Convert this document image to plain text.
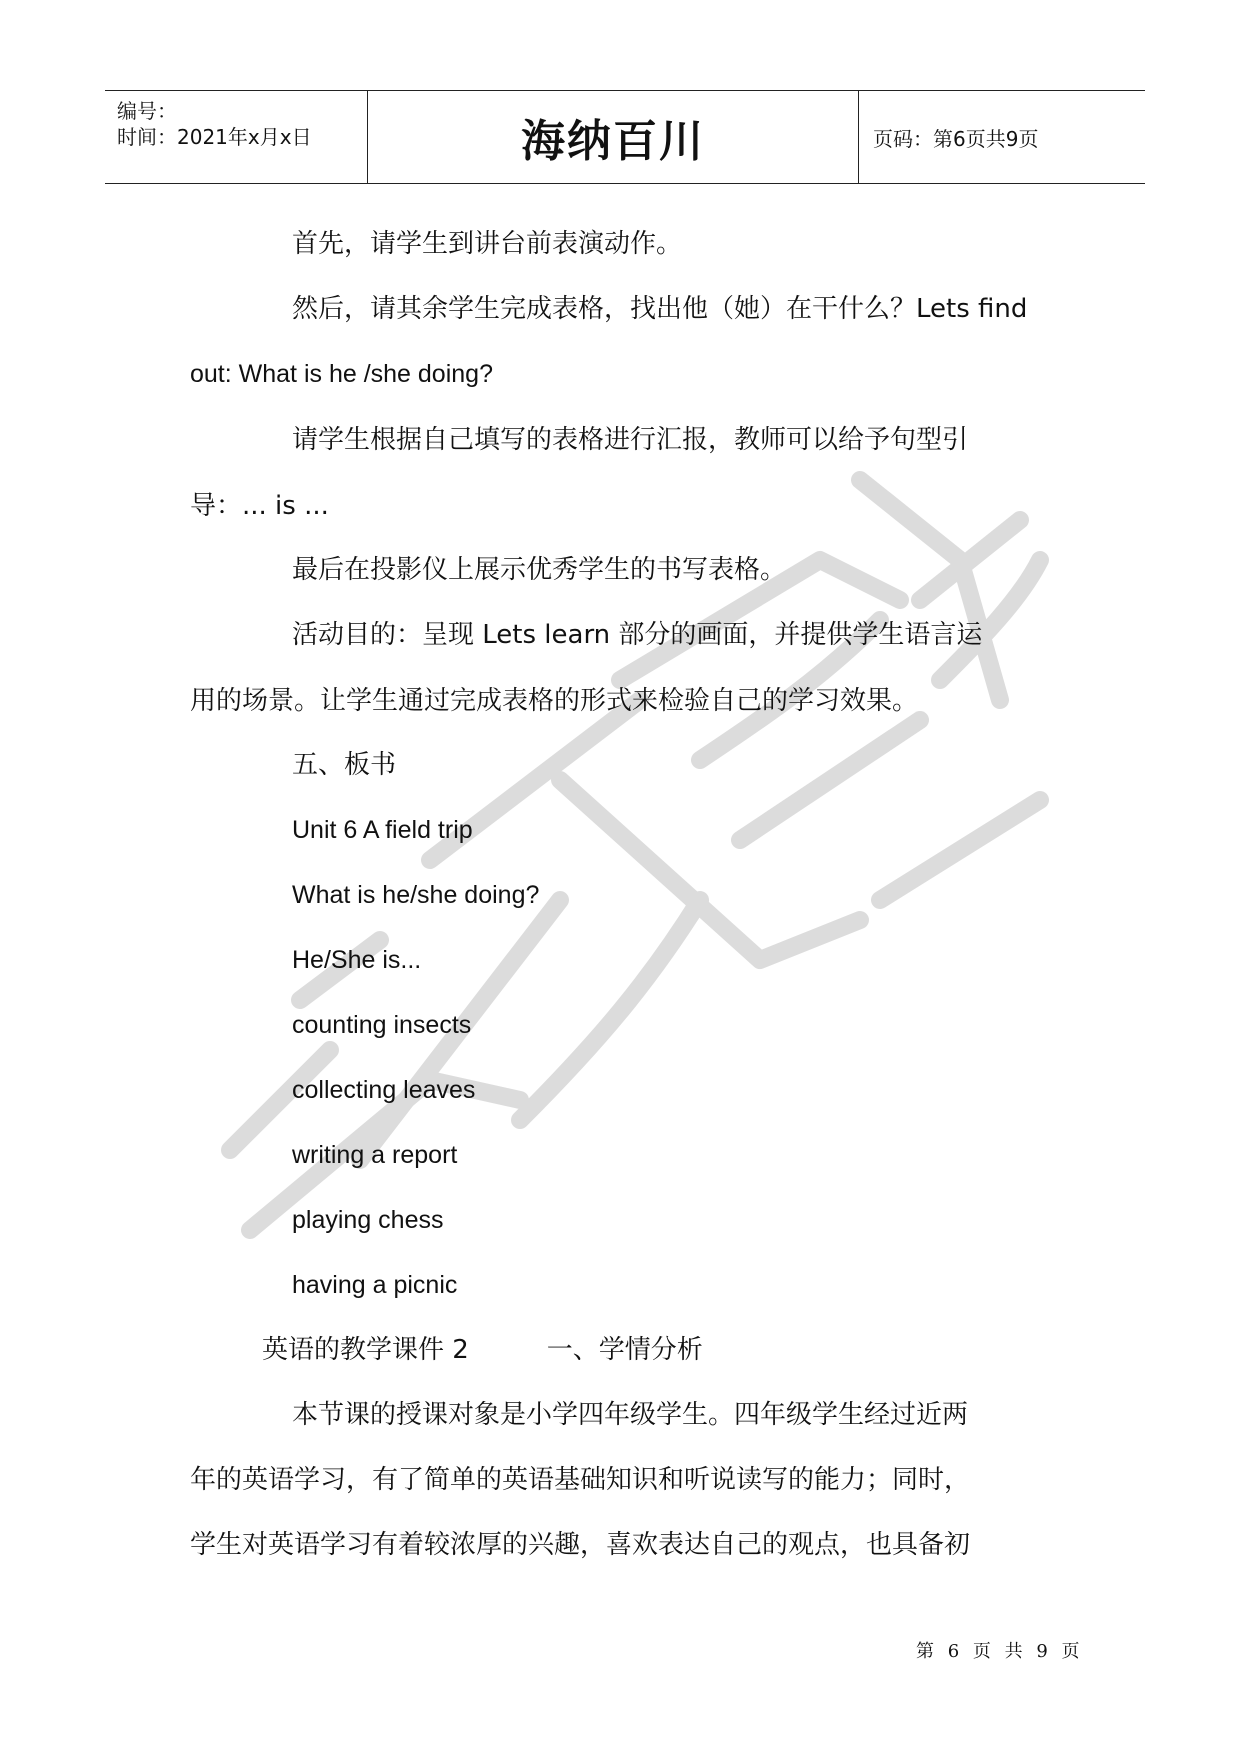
编号：
时间：2021年x月x日	海纳百川	页码：第6页共9页
首先，请学生到讲台前表演动作。
然后，请其余学生完成表格，找出他（她）在干什么？Lets find
out: What is he /she doing?
请学生根据自己填写的表格进行汇报，教师可以给予句型引
导：... is ...
最后在投影仪上展示优秀学生的书写表格。
活动目的：呈现 Lets learn 部分的画面，并提供学生语言运
用的场景。让学生通过完成表格的形式来检验自己的学习效果。
五、板书
Unit 6 A field trip
What is he/she doing?
He/She is...
counting insects
collecting leaves
writing a report
playing chess
having a picnic
英语的教学课件 2　　　一、学情分析
本节课的授课对象是小学四年级学生。四年级学生经过近两
年的英语学习，有了简单的英语基础知识和听说读写的能力；同时，
学生对英语学习有着较浓厚的兴趣，喜欢表达自己的观点，也具备初
第 6 页 共 9 页
